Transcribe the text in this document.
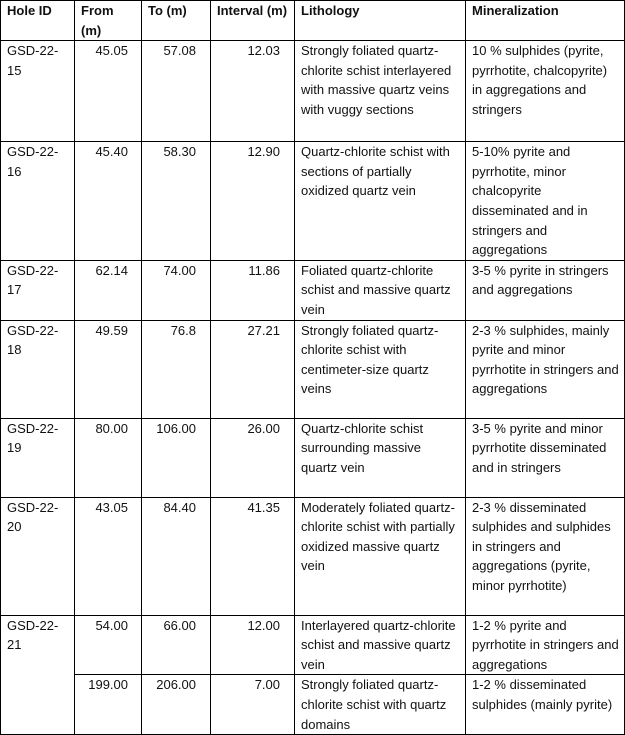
Hole ID	From (m)	To (m)	Interval (m)	Lithology	Mineralization
GSD-22-15	45.05	57.08	12.03	Strongly foliated quartz-chlorite schist interlayered with massive quartz veins with vuggy sections	10 % sulphides (pyrite, pyrrhotite, chalcopyrite) in aggregations and stringers
GSD-22-16	45.40	58.30	12.90	Quartz-chlorite schist with sections of partially oxidized quartz vein	5-10% pyrite and pyrrhotite, minor chalcopyrite disseminated and in stringers and aggregations
GSD-22-17	62.14	74.00	11.86	Foliated quartz-chlorite schist and massive quartz vein	3-5 % pyrite in stringers and aggregations
GSD-22-18	49.59	76.8	27.21	Strongly foliated quartz-chlorite schist with centimeter-size quartz veins	2-3 % sulphides, mainly pyrite and minor pyrrhotite in stringers and aggregations
GSD-22-19	80.00	106.00	26.00	Quartz-chlorite schist surrounding massive quartz vein	3-5 % pyrite and minor pyrrhotite disseminated and in stringers
GSD-22-20	43.05	84.40	41.35	Moderately foliated quartz-chlorite schist with partially oxidized massive quartz vein	2-3 % disseminated sulphides and sulphides in stringers and aggregations (pyrite, minor pyrrhotite)
GSD-22-21	54.00	66.00	12.00	Interlayered quartz-chlorite schist and massive quartz vein	1-2 % pyrite and pyrrhotite in stringers and aggregations
	199.00	206.00	7.00	Strongly foliated quartz-chlorite schist with quartz domains	1-2 % disseminated sulphides (mainly pyrite)
